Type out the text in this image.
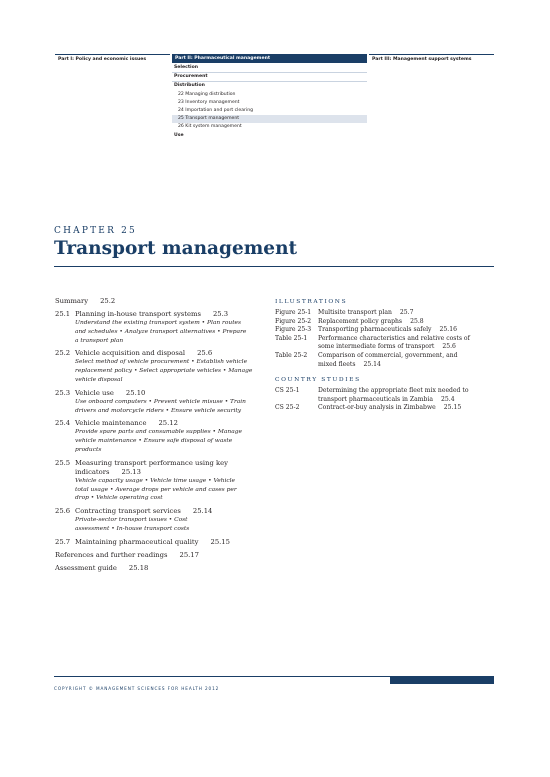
Part I: Policy and economic issues	Part II: Pharmaceutical management	Part III: Management support systems
Selection
Procurement
Distribution
22 Managing distribution
23 Inventory management
24 Importation and port clearing
25 Transport management
26 Kit system management
Use
CHAPTER 25
Transport management
Summary 25.2
25.1 Planning in-house transport systems 25.3
Understand the existing transport system • Plan routes
and schedules • Analyze transport alternatives • Prepare
a transport plan
25.2 Vehicle acquisition and disposal 25.6
Select method of vehicle procurement • Establish vehicle
replacement policy • Select appropriate vehicles • Manage
vehicle disposal
25.3 Vehicle use 25.10
Use onboard computers • Prevent vehicle misuse • Train
drivers and motorcycle riders • Ensure vehicle security
25.4 Vehicle maintenance 25.12
Provide spare parts and consumable supplies • Manage
vehicle maintenance • Ensure safe disposal of waste
products
25.5 Measuring transport performance using key
indicators 25.13
Vehicle capacity usage • Vehicle time usage • Vehicle
total usage • Average drops per vehicle and cases per
drop • Vehicle operating cost
25.6 Contracting transport services 25.14
Private-sector transport issues • Cost
assessment • In-house transport costs
25.7 Maintaining pharmaceutical quality 25.15
References and further readings 25.17
Assessment guide 25.18
ILLUSTRATIONS
Figure 25-1	Multisite transport plan 25.7
Figure 25-2	Replacement policy graphs 25.8
Figure 25-3	Transporting pharmaceuticals safely 25.16
Table 25-1	Performance characteristics and relative costs of
some intermediate forms of transport 25.6
Table 25-2	Comparison of commercial, government, and
mixed fleets 25.14
COUNTRY STUDIES
CS 25-1	Determining the appropriate fleet mix needed to
transport pharmaceuticals in Zambia 25.4
CS 25-2	Contract-or-buy analysis in Zimbabwe 25.15
COPYRIGHT © MANAGEMENT SCIENCES FOR HEALTH 2012
